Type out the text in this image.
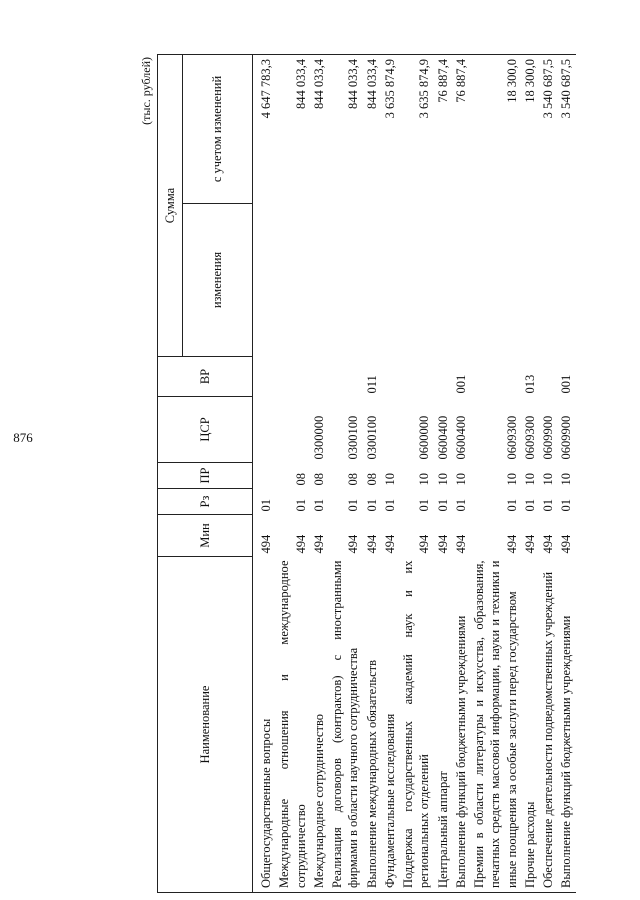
876
(тыс. рублей)
Наименование	Мин	Рз	ПР	ЦСР	ВР	Сумма	
						изменения	с учетом изменений
Общегосударственные вопросы	494	01					4 647 783,3
Международные отношения и международное сотрудничество	494	01	08				844 033,4
Международное сотрудничество	494	01	08	0300000			844 033,4
Реализация договоров (контрактов) с иностранными фирмами в области научного сотрудничества	494	01	08	0300100			844 033,4
Выполнение международных обязательств	494	01	08	0300100	011		844 033,4
Фундаментальные исследования	494	01	10				3 635 874,9
Поддержка государственных академий наук и их региональных отделений	494	01	10	0600000			3 635 874,9
Центральный аппарат	494	01	10	0600400			76 887,4
Выполнение функций бюджетными учреждениями	494	01	10	0600400	001		76 887,4
Премии в области литературы и искусства, образования, печатных средств массовой информации, науки и техники и иные поощрения за особые заслуги перед государством	494	01	10	0609300			18 300,0
Прочие расходы	494	01	10	0609300	013		18 300,0
Обеспечение деятельности подведомственных учреждений	494	01	10	0609900			3 540 687,5
Выполнение функций бюджетными учреждениями	494	01	10	0609900	001		3 540 687,5
